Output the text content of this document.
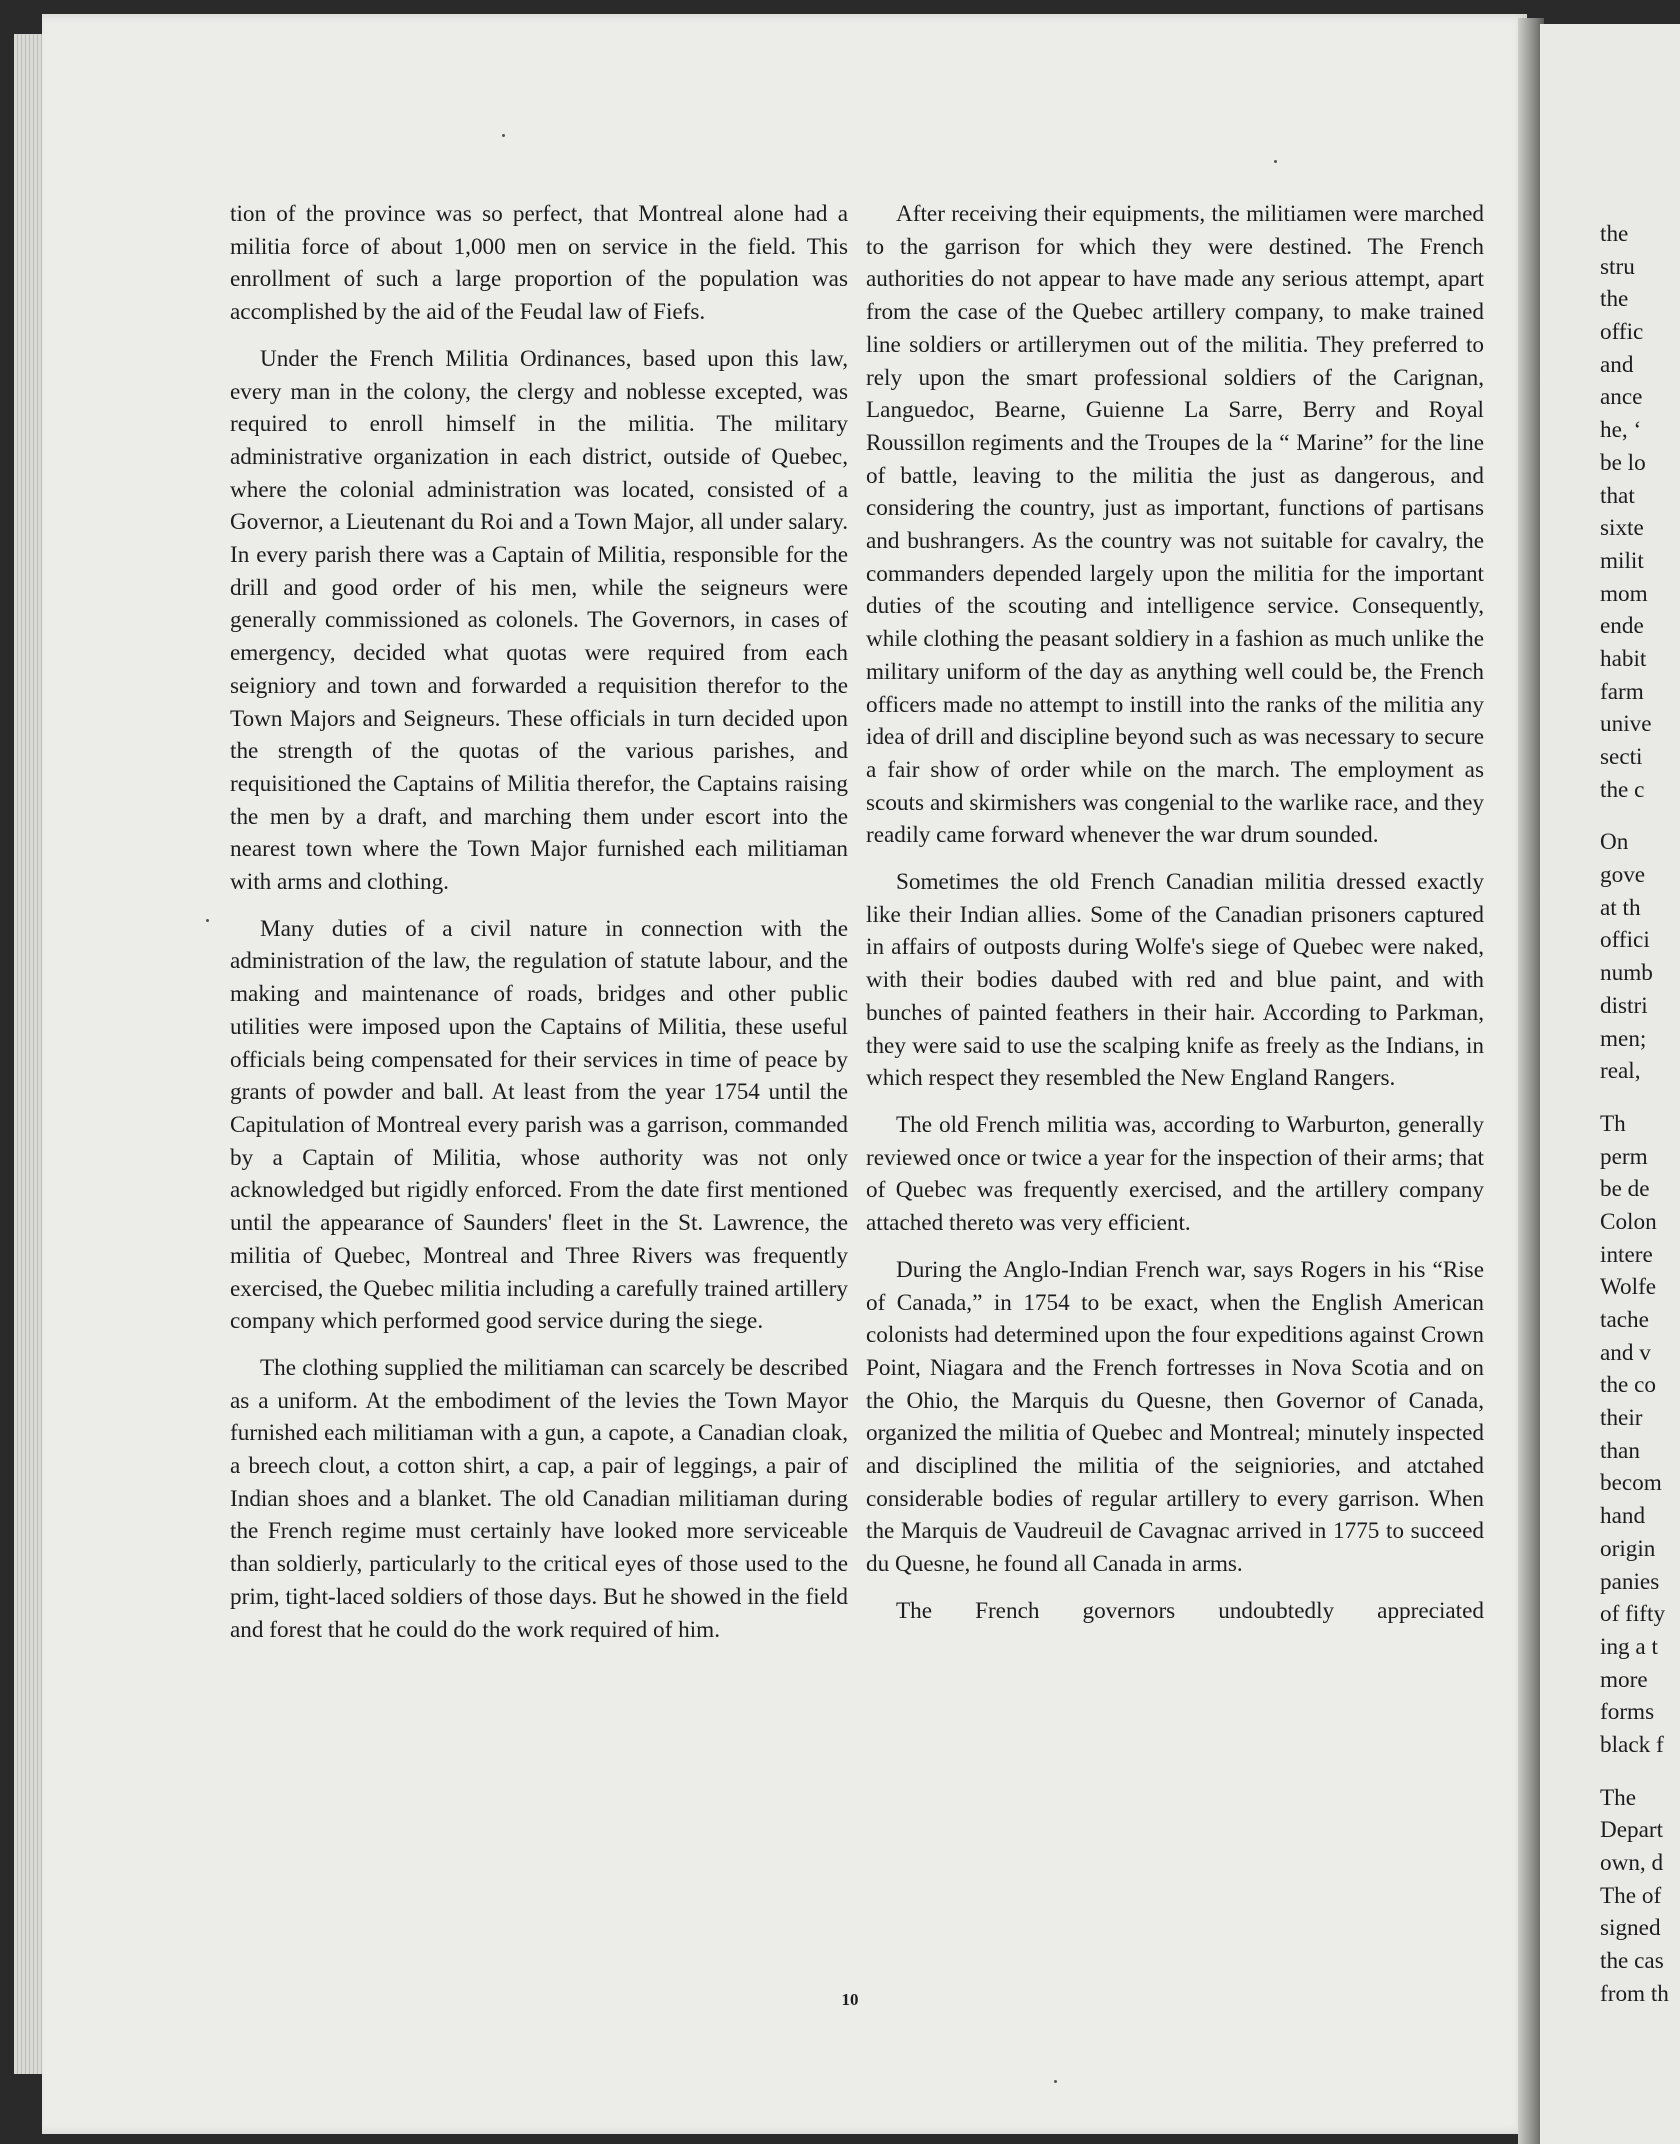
tion of the province was so perfect, that Montreal alone had a militia force of about 1,000 men on service in the field. This enrollment of such a large proportion of the population was accomplished by the aid of the Feudal law of Fiefs.

Under the French Militia Ordinances, based upon this law, every man in the colony, the clergy and noblesse excepted, was required to enroll himself in the militia. The military administrative organization in each district, outside of Quebec, where the colonial administration was located, consisted of a Governor, a Lieutenant du Roi and a Town Major, all under salary. In every parish there was a Captain of Militia, responsible for the drill and good order of his men, while the seigneurs were generally commissioned as colonels. The Governors, in cases of emergency, decided what quotas were required from each seigniory and town and forwarded a requisition therefor to the Town Majors and Seigneurs. These officials in turn decided upon the strength of the quotas of the various parishes, and requisitioned the Captains of Militia therefor, the Captains raising the men by a draft, and marching them under escort into the nearest town where the Town Major furnished each militiaman with arms and clothing.

Many duties of a civil nature in connection with the administration of the law, the regulation of statute labour, and the making and maintenance of roads, bridges and other public utilities were imposed upon the Captains of Militia, these useful officials being compensated for their services in time of peace by grants of powder and ball. At least from the year 1754 until the Capitulation of Montreal every parish was a garrison, commanded by a Captain of Militia, whose authority was not only acknowledged but rigidly enforced. From the date first mentioned until the appearance of Saunders' fleet in the St. Lawrence, the militia of Quebec, Montreal and Three Rivers was frequently exercised, the Quebec militia including a carefully trained artillery company which performed good service during the siege.

The clothing supplied the militiaman can scarcely be described as a uniform. At the embodiment of the levies the Town Mayor furnished each militiaman with a gun, a capote, a Canadian cloak, a breech clout, a cotton shirt, a cap, a pair of leggings, a pair of Indian shoes and a blanket. The old Canadian militiaman during the French regime must certainly have looked more serviceable than soldierly, particularly to the critical eyes of those used to the prim, tight-laced soldiers of those days. But he showed in the field and forest that he could do the work required of him.

After receiving their equipments, the militiamen were marched to the garrison for which they were destined. The French authorities do not appear to have made any serious attempt, apart from the case of the Quebec artillery company, to make trained line soldiers or artillerymen out of the militia. They preferred to rely upon the smart professional soldiers of the Carignan, Languedoc, Bearne, Guienne La Sarre, Berry and Royal Roussillon regiments and the Troupes de la “ Marine” for the line of battle, leaving to the militia the just as dangerous, and considering the country, just as important, functions of partisans and bushrangers. As the country was not suitable for cavalry, the commanders depended largely upon the militia for the important duties of the scouting and intelligence service. Consequently, while clothing the peasant soldiery in a fashion as much unlike the military uniform of the day as anything well could be, the French officers made no attempt to instill into the ranks of the militia any idea of drill and discipline beyond such as was necessary to secure a fair show of order while on the march. The employment as scouts and skirmishers was congenial to the warlike race, and they readily came forward whenever the war drum sounded.

Sometimes the old French Canadian militia dressed exactly like their Indian allies. Some of the Canadian prisoners captured in affairs of outposts during Wolfe's siege of Quebec were naked, with their bodies daubed with red and blue paint, and with bunches of painted feathers in their hair. According to Parkman, they were said to use the scalping knife as freely as the Indians, in which respect they resembled the New England Rangers.

The old French militia was, according to Warburton, generally reviewed once or twice a year for the inspection of their arms; that of Quebec was frequently exercised, and the artillery company attached thereto was very efficient.

During the Anglo-Indian French war, says Rogers in his “Rise of Canada,” in 1754 to be exact, when the English American colonists had determined upon the four expeditions against Crown Point, Niagara and the French fortresses in Nova Scotia and on the Ohio, the Marquis du Quesne, then Governor of Canada, organized the militia of Quebec and Montreal; minutely inspected and disciplined the militia of the seigniories, and atctahed considerable bodies of regular artillery to every garrison. When the Marquis de Vaudreuil de Cavagnac arrived in 1775 to succeed du Quesne, he found all Canada in arms.

The French governors undoubtedly appreciated

10
the
stru
the
offic
and
ance
he, ‘
be lo
that
sixte
milit
mom
ende
habit
farm
unive
secti
the c
On
gove
at th
offici
numb
distri
men;
real,
Th
perm
be de
Colon
intere
Wolfe
tache
and v
the co
their
than
becom
hand
origin
panies
of fifty
ing a t
more
forms
black f
The
Depart
own, d
The of
signed
the cas
from th
